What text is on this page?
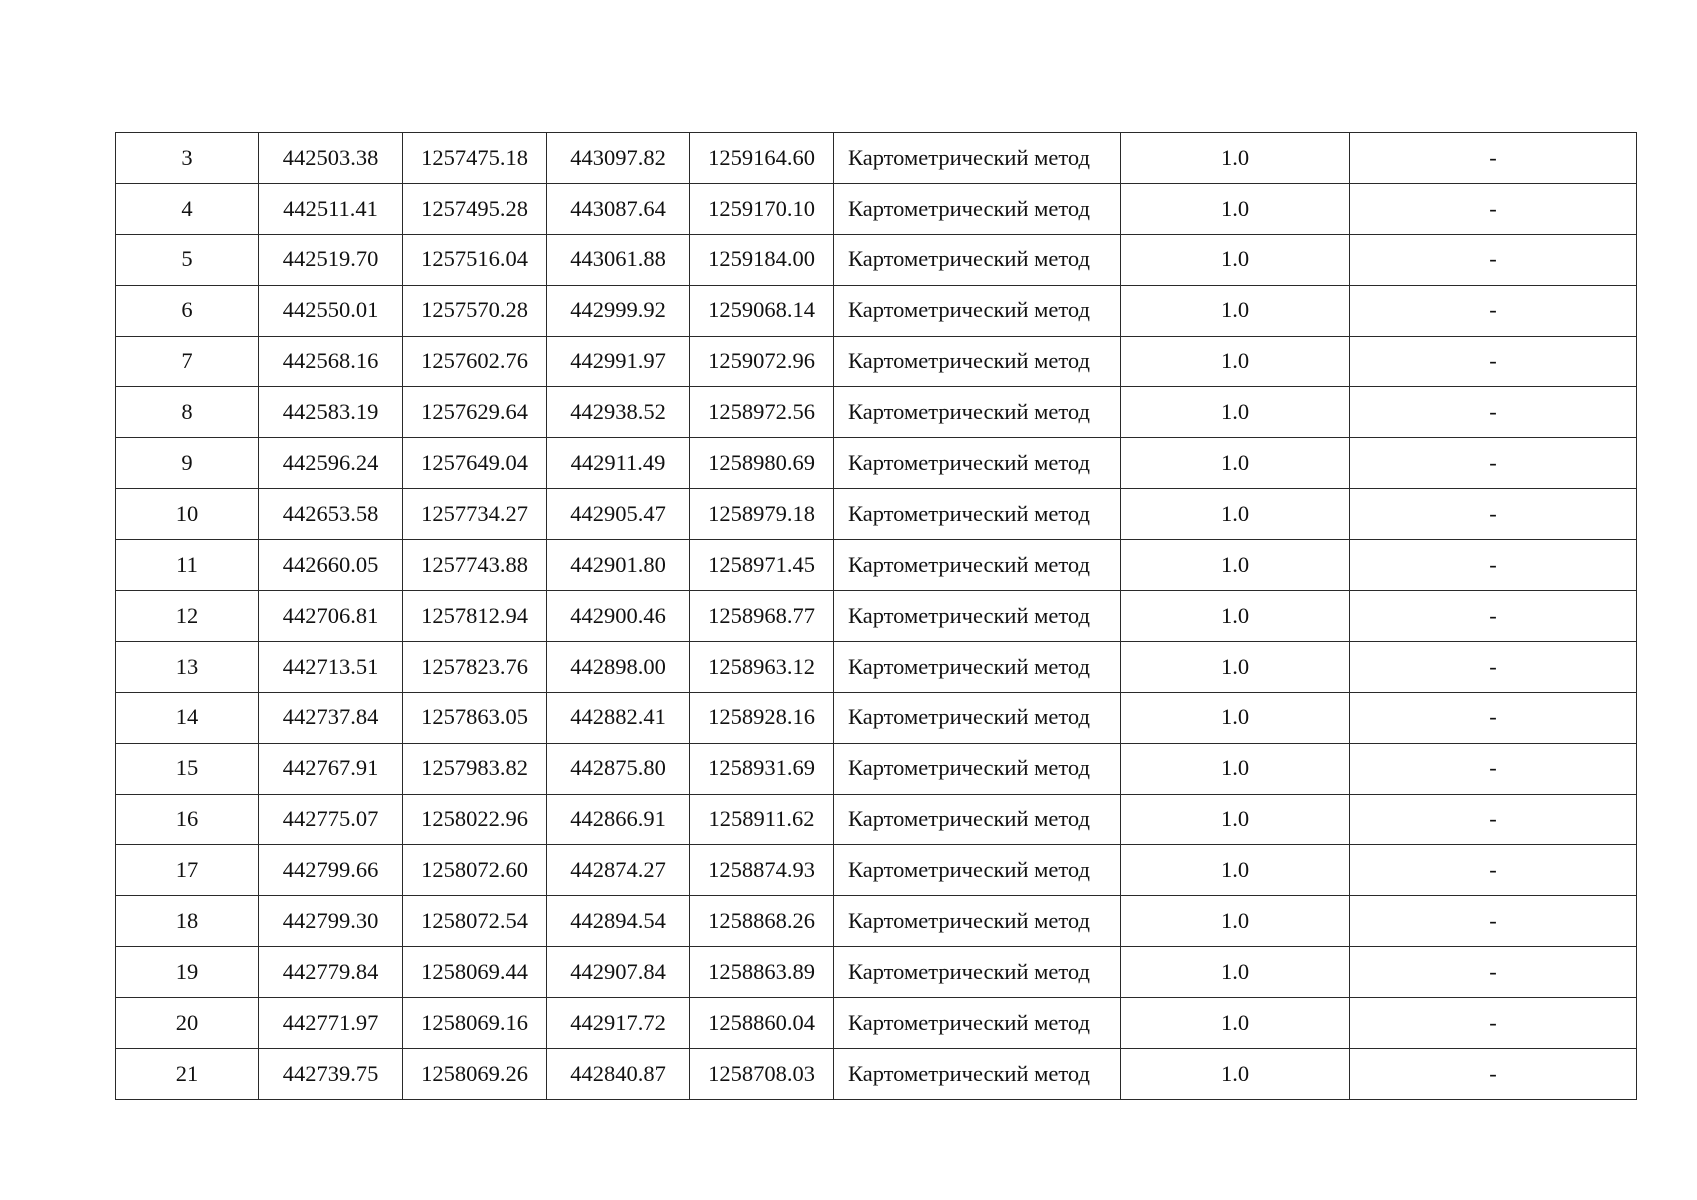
3	442503.38	1257475.18	443097.82	1259164.60	Картометрический метод	1.0	-
4	442511.41	1257495.28	443087.64	1259170.10	Картометрический метод	1.0	-
5	442519.70	1257516.04	443061.88	1259184.00	Картометрический метод	1.0	-
6	442550.01	1257570.28	442999.92	1259068.14	Картометрический метод	1.0	-
7	442568.16	1257602.76	442991.97	1259072.96	Картометрический метод	1.0	-
8	442583.19	1257629.64	442938.52	1258972.56	Картометрический метод	1.0	-
9	442596.24	1257649.04	442911.49	1258980.69	Картометрический метод	1.0	-
10	442653.58	1257734.27	442905.47	1258979.18	Картометрический метод	1.0	-
11	442660.05	1257743.88	442901.80	1258971.45	Картометрический метод	1.0	-
12	442706.81	1257812.94	442900.46	1258968.77	Картометрический метод	1.0	-
13	442713.51	1257823.76	442898.00	1258963.12	Картометрический метод	1.0	-
14	442737.84	1257863.05	442882.41	1258928.16	Картометрический метод	1.0	-
15	442767.91	1257983.82	442875.80	1258931.69	Картометрический метод	1.0	-
16	442775.07	1258022.96	442866.91	1258911.62	Картометрический метод	1.0	-
17	442799.66	1258072.60	442874.27	1258874.93	Картометрический метод	1.0	-
18	442799.30	1258072.54	442894.54	1258868.26	Картометрический метод	1.0	-
19	442779.84	1258069.44	442907.84	1258863.89	Картометрический метод	1.0	-
20	442771.97	1258069.16	442917.72	1258860.04	Картометрический метод	1.0	-
21	442739.75	1258069.26	442840.87	1258708.03	Картометрический метод	1.0	-
